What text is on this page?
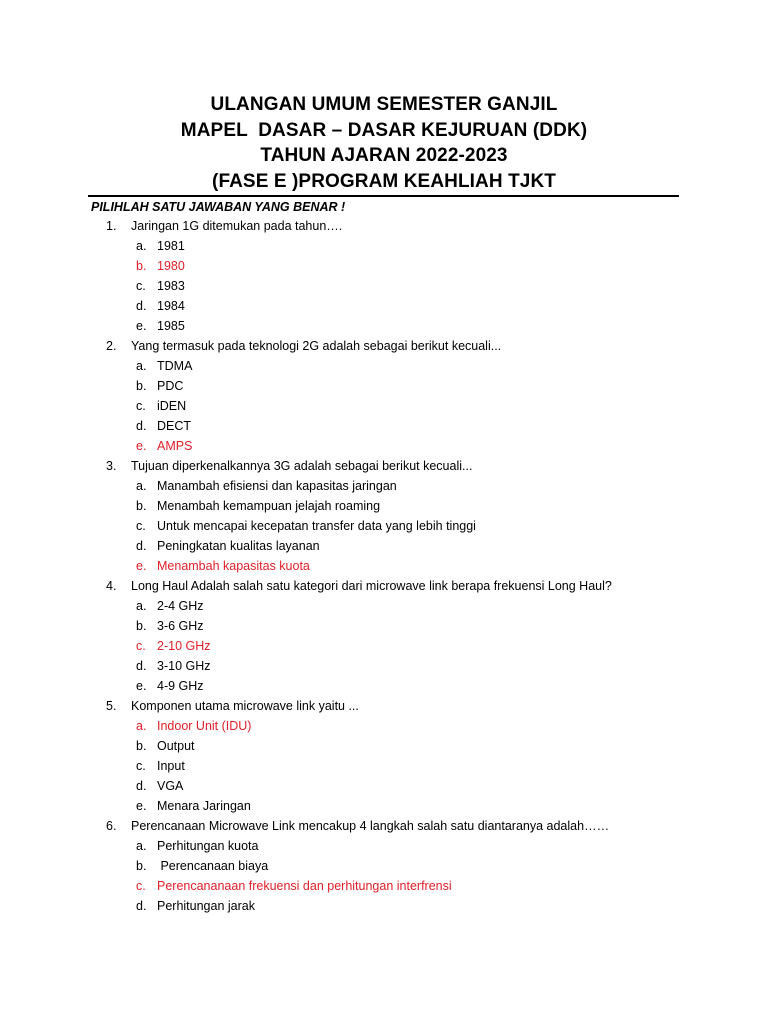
ULANGAN UMUM SEMESTER GANJIL
MAPEL  DASAR – DASAR KEJURUAN (DDK)
TAHUN AJARAN 2022-2023
(FASE E )PROGRAM KEAHLIAH TJKT
PILIHLAH SATU JAWABAN YANG BENAR !
1. Jaringan 1G ditemukan pada tahun….
a. 1981
b. 1980
c. 1983
d. 1984
e. 1985
2. Yang termasuk pada teknologi 2G adalah sebagai berikut kecuali...
a. TDMA
b. PDC
c. iDEN
d. DECT
e. AMPS
3. Tujuan diperkenalkannya 3G adalah sebagai berikut kecuali...
a. Manambah efisiensi dan kapasitas jaringan
b. Menambah kemampuan jelajah roaming
c. Untuk mencapai kecepatan transfer data yang lebih tinggi
d. Peningkatan kualitas layanan
e. Menambah kapasitas kuota
4. Long Haul Adalah salah satu kategori dari microwave link berapa frekuensi Long Haul?
a. 2-4 GHz
b. 3-6 GHz
c. 2-10 GHz
d. 3-10 GHz
e. 4-9 GHz
5. Komponen utama microwave link yaitu ...
a. Indoor Unit (IDU)
b. Output
c. Input
d. VGA
e. Menara Jaringan
6. Perencanaan Microwave Link mencakup 4 langkah salah satu diantaranya adalah……
a. Perhitungan kuota
b. Perencanaan biaya
c. Perencananaan frekuensi dan perhitungan interfrensi
d. Perhitungan jarak
